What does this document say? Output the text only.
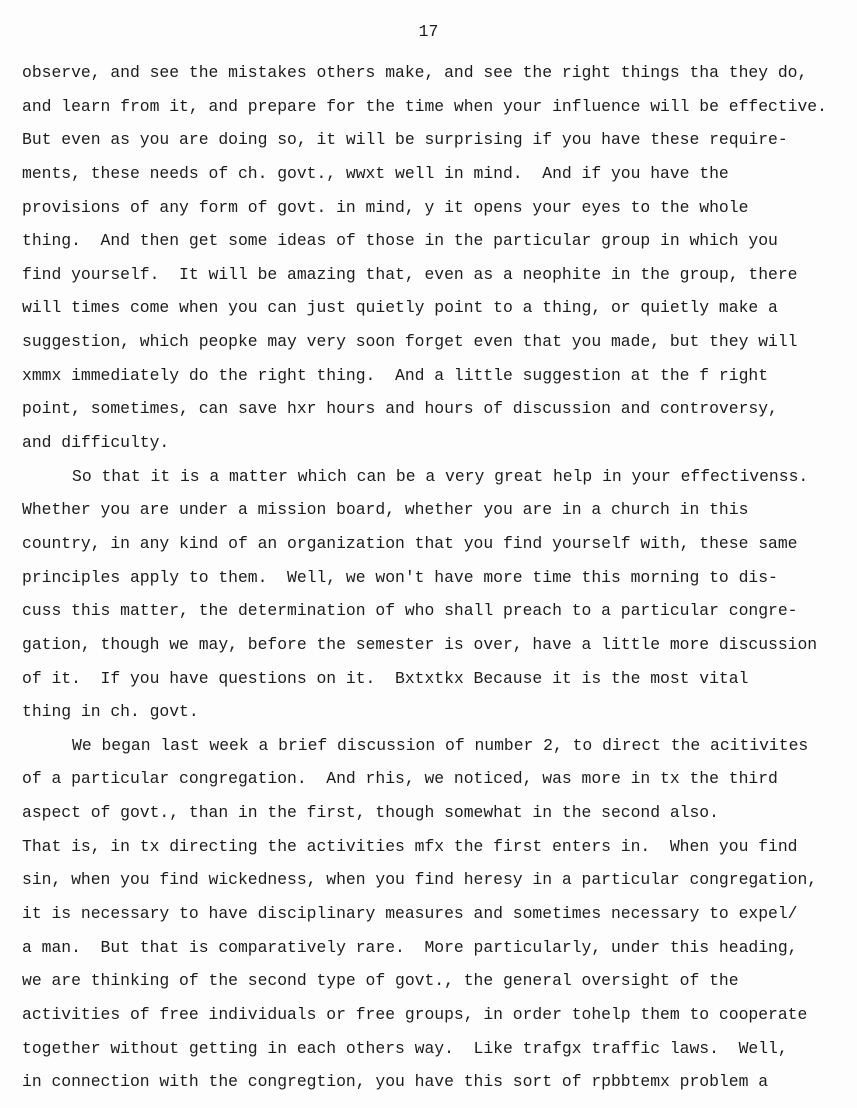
17
observe, and see the mistakes others make, and see the right things tha they do,
and learn from it, and prepare for the time when your influence will be effective.
But even as you are doing so, it will be surprising if you have these require-
ments, these needs of ch. govt., wwxt well in mind.  And if you have the
provisions of any form of govt. in mind, y it opens your eyes to the whole
thing.  And then get some ideas of those in the particular group in which you
find yourself.  It will be amazing that, even as a neophite in the group, there
will times come when you can just quietly point to a thing, or quietly make a
suggestion, which peopke may very soon forget even that you made, but they will
xmmx immediately do the right thing.  And a little suggestion at the f right
point, sometimes, can save hxr hours and hours of discussion and controversy,
and difficulty.
So that it is a matter which can be a very great help in your effectivenss.
Whether you are under a mission board, whether you are in a church in this
country, in any kind of an organization that you find yourself with, these same
principles apply to them.  Well, we won't have more time this morning to dis-
cuss this matter, the determination of who shall preach to a particular congre-
gation, though we may, before the semester is over, have a little more discussion
of it.  If you have questions on it.  Bxtxtkx Because it is the most vital
thing in ch. govt.
We began last week a brief discussion of number 2, to direct the acitivites
of a particular congregation.  And rhis, we noticed, was more in tx the third
aspect of govt., than in the first, though somewhat in the second also.
That is, in tx directing the activities mfx the first enters in.  When you find
sin, when you find wickedness, when you find heresy in a particular congregation,
it is necessary to have disciplinary measures and sometimes necessary to expel/
a man.  But that is comparatively rare.  More particularly, under this heading,
we are thinking of the second type of govt., the general oversight of the
activities of free individuals or free groups, in order tohelp them to cooperate
together without getting in each others way.  Like trafgx traffic laws.  Well,
in connection with the congregtion, you have this sort of rpbbtemx problem a
